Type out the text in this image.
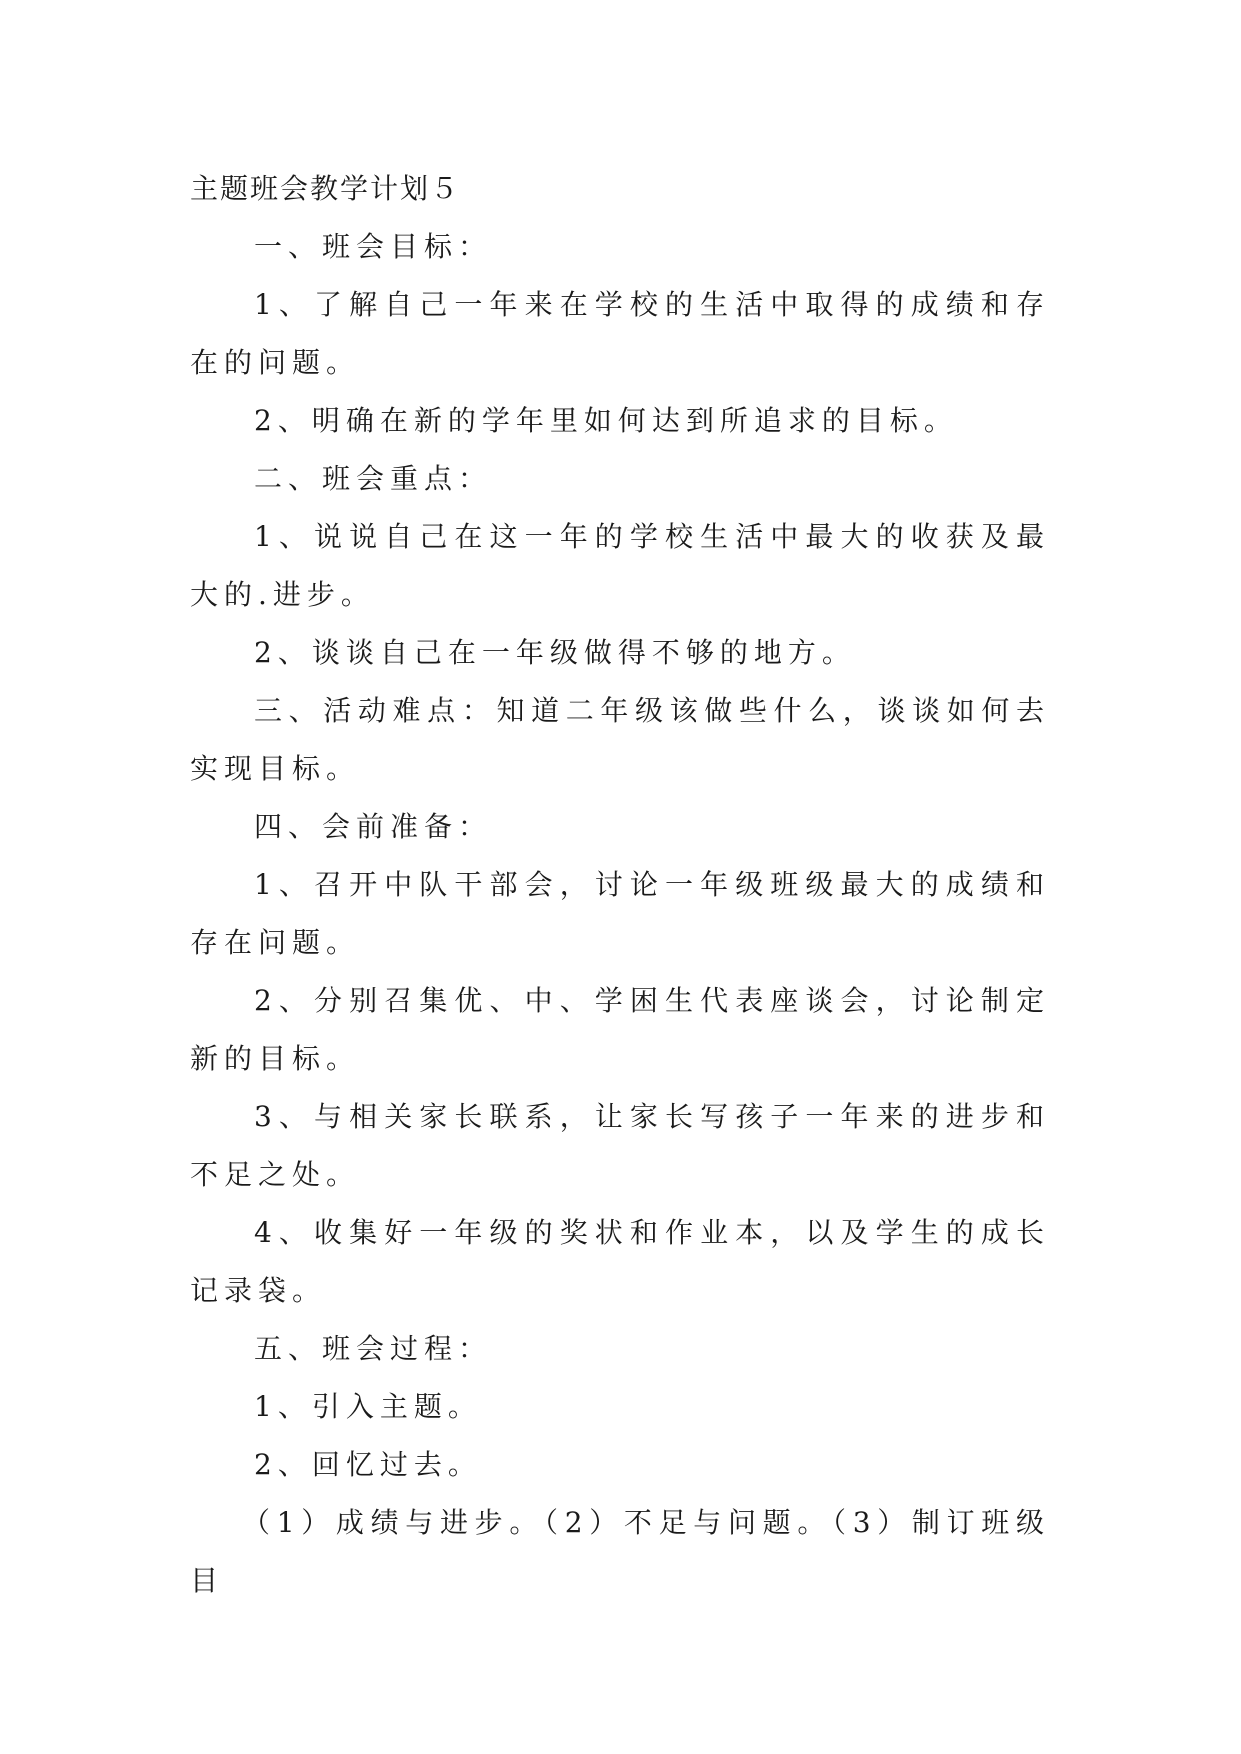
主题班会教学计划５

一、班会目标：

1、了解自己一年来在学校的生活中取得的成绩和存在的问题。

2、明确在新的学年里如何达到所追求的目标。

二、班会重点：

1、说说自己在这一年的学校生活中最大的收获及最大的.进步。

2、谈谈自己在一年级做得不够的地方。

三、活动难点：知道二年级该做些什么，谈谈如何去实现目标。

四、会前准备：

1、召开中队干部会，讨论一年级班级最大的成绩和存在问题。

2、分别召集优、中、学困生代表座谈会，讨论制定新的目标。

3、与相关家长联系，让家长写孩子一年来的进步和不足之处。

4、收集好一年级的奖状和作业本，以及学生的成长记录袋。

五、班会过程：

1、引入主题。

2、回忆过去。

（1）成绩与进步。（2）不足与问题。（3）制订班级目
